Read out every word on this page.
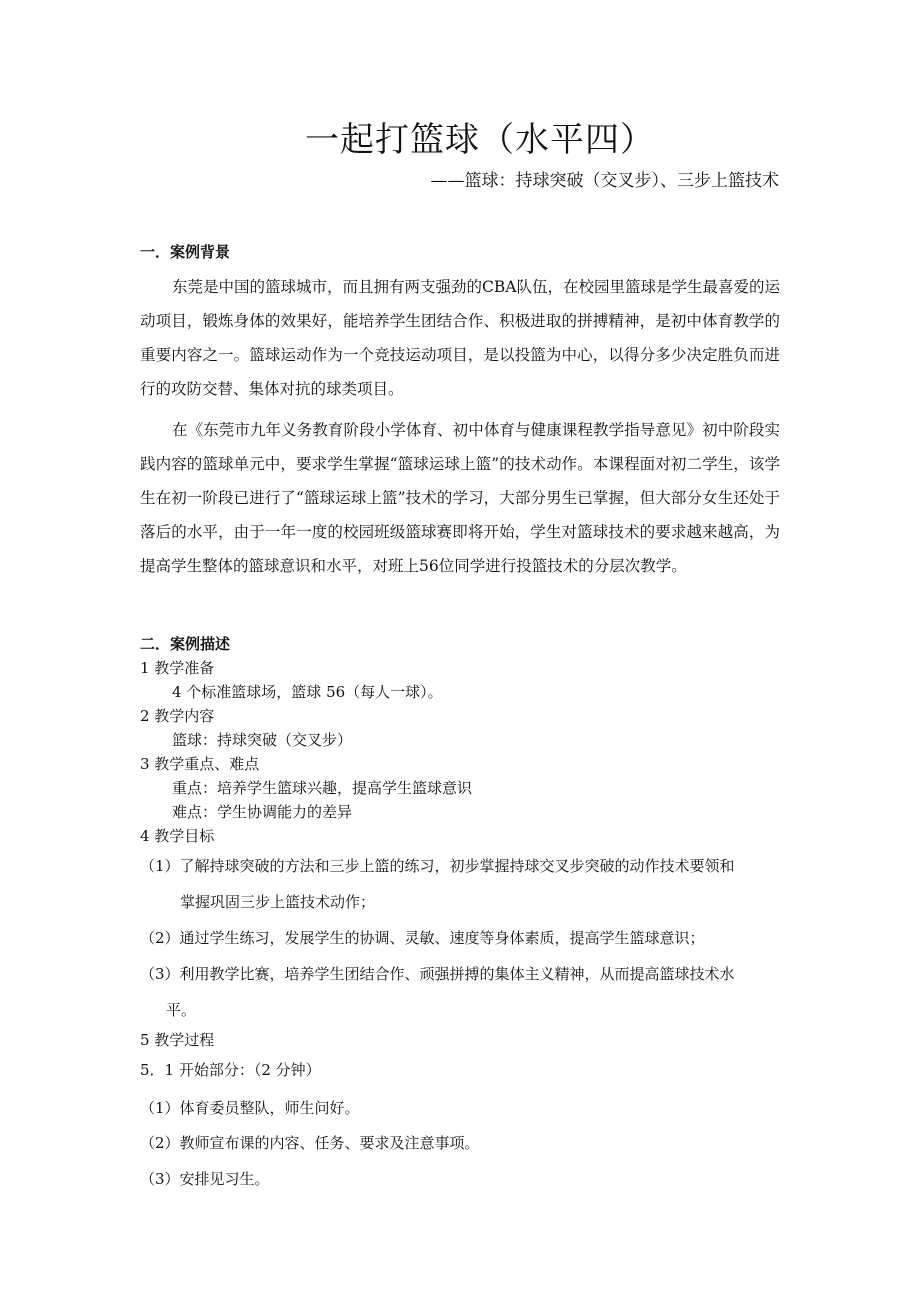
一起打篮球（水平四）
——篮球：持球突破（交叉步）、三步上篮技术
一．案例背景
东莞是中国的篮球城市，而且拥有两支强劲的CBA队伍，在校园里篮球是学生最喜爱的运动项目，锻炼身体的效果好，能培养学生团结合作、积极进取的拼搏精神，是初中体育教学的重要内容之一。篮球运动作为一个竞技运动项目，是以投篮为中心，以得分多少决定胜负而进行的攻防交替、集体对抗的球类项目。
在《东莞市九年义务教育阶段小学体育、初中体育与健康课程教学指导意见》初中阶段实践内容的篮球单元中，要求学生掌握“篮球运球上篮”的技术动作。本课程面对初二学生，该学生在初一阶段已进行了“篮球运球上篮”技术的学习，大部分男生已掌握，但大部分女生还处于落后的水平，由于一年一度的校园班级篮球赛即将开始，学生对篮球技术的要求越来越高，为提高学生整体的篮球意识和水平，对班上56位同学进行投篮技术的分层次教学。
二．案例描述
1 教学准备
4 个标准篮球场，篮球 56（每人一球）。
2 教学内容
篮球：持球突破（交叉步）
3 教学重点、难点
重点：培养学生篮球兴趣，提高学生篮球意识
难点：学生协调能力的差异
4 教学目标
（1）了解持球突破的方法和三步上篮的练习，初步掌握持球交叉步突破的动作技术要领和
掌握巩固三步上篮技术动作；
（2）通过学生练习，发展学生的协调、灵敏、速度等身体素质，提高学生篮球意识；
（3）利用教学比赛，培养学生团结合作、顽强拼搏的集体主义精神，从而提高篮球技术水
平。
5 教学过程
5．1 开始部分：（2 分钟）
（1）体育委员整队，师生问好。
（2）教师宣布课的内容、任务、要求及注意事项。
（3）安排见习生。
